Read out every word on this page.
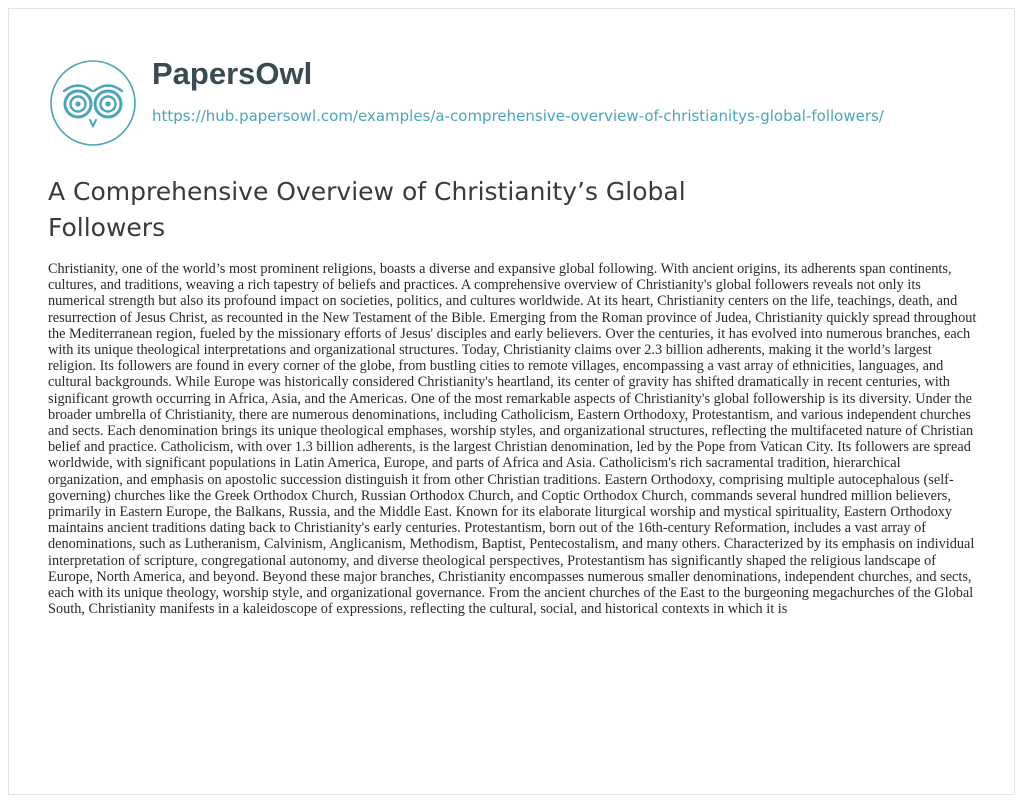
PapersOwl
https://hub.papersowl.com/examples/a-comprehensive-overview-of-christianitys-global-followers/
A Comprehensive Overview of Christianity’s Global Followers

Christianity, one of the world’s most prominent religions, boasts a diverse and expansive global following. With ancient origins, its adherents span continents, cultures, and traditions, weaving a rich tapestry of beliefs and practices. A comprehensive overview of Christianity's global followers reveals not only its numerical strength but also its profound impact on societies, politics, and cultures worldwide. At its heart, Christianity centers on the life, teachings, death, and resurrection of Jesus Christ, as recounted in the New Testament of the Bible. Emerging from the Roman province of Judea, Christianity quickly spread throughout the Mediterranean region, fueled by the missionary efforts of Jesus' disciples and early believers. Over the centuries, it has evolved into numerous branches, each with its unique theological interpretations and organizational structures. Today, Christianity claims over 2.3 billion adherents, making it the world’s largest religion. Its followers are found in every corner of the globe, from bustling cities to remote villages, encompassing a vast array of ethnicities, languages, and cultural backgrounds. While Europe was historically considered Christianity's heartland, its center of gravity has shifted dramatically in recent centuries, with significant growth occurring in Africa, Asia, and the Americas. One of the most remarkable aspects of Christianity's global followership is its diversity. Under the broader umbrella of Christianity, there are numerous denominations, including Catholicism, Eastern Orthodoxy, Protestantism, and various independent churches and sects. Each denomination brings its unique theological emphases, worship styles, and organizational structures, reflecting the multifaceted nature of Christian belief and practice. Catholicism, with over 1.3 billion adherents, is the largest Christian denomination, led by the Pope from Vatican City. Its followers are spread worldwide, with significant populations in Latin America, Europe, and parts of Africa and Asia. Catholicism's rich sacramental tradition, hierarchical organization, and emphasis on apostolic succession distinguish it from other Christian traditions. Eastern Orthodoxy, comprising multiple autocephalous (self-governing) churches like the Greek Orthodox Church, Russian Orthodox Church, and Coptic Orthodox Church, commands several hundred million believers, primarily in Eastern Europe, the Balkans, Russia, and the Middle East. Known for its elaborate liturgical worship and mystical spirituality, Eastern Orthodoxy maintains ancient traditions dating back to Christianity's early centuries. Protestantism, born out of the 16th-century Reformation, includes a vast array of denominations, such as Lutheranism, Calvinism, Anglicanism, Methodism, Baptist, Pentecostalism, and many others. Characterized by its emphasis on individual interpretation of scripture, congregational autonomy, and diverse theological perspectives, Protestantism has significantly shaped the religious landscape of Europe, North America, and beyond. Beyond these major branches, Christianity encompasses numerous smaller denominations, independent churches, and sects, each with its unique theology, worship style, and organizational governance. From the ancient churches of the East to the burgeoning megachurches of the Global South, Christianity manifests in a kaleidoscope of expressions, reflecting the cultural, social, and historical contexts in which it is
